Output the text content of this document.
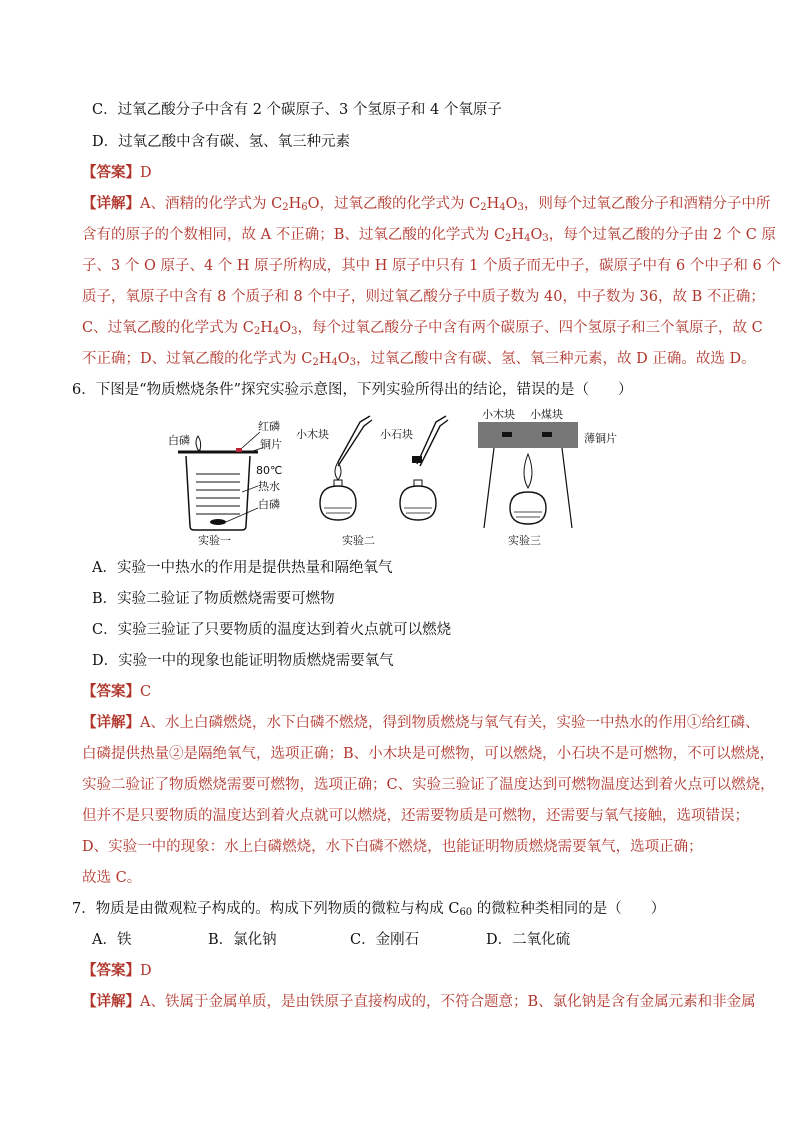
C．过氧乙酸分子中含有 2 个碳原子、3 个氢原子和 4 个氧原子
D．过氧乙酸中含有碳、氢、氧三种元素
【答案】D
【详解】A、酒精的化学式为 $C_2H_6O$，过氧乙酸的化学式为 $C_2H_4O_3$，则每个过氧乙酸分子和酒精分子中所
含有的原子的个数相同，故 A 不正确；B、过氧乙酸的化学式为 $C_2H_4O_3$，每个过氧乙酸的分子由 2 个 C 原
子、3 个 O 原子、4 个 H 原子所构成，其中 H 原子中只有 1 个质子而无中子，碳原子中有 6 个中子和 6 个
质子，氧原子中含有 8 个质子和 8 个中子，则过氧乙酸分子中质子数为 40，中子数为 36，故 B 不正确；
C、过氧乙酸的化学式为 $C_2H_4O_3$，每个过氧乙酸分子中含有两个碳原子、四个氢原子和三个氧原子，故 C
不正确；D、过氧乙酸的化学式为 $C_2H_4O_3$，过氧乙酸中含有碳、氢、氧三种元素，故 D 正确。故选 D。
6．下图是“物质燃烧条件”探究实验示意图，下列实验所得出的结论，错误的是（　　）
白磷
红磷
铜片
80℃
热水
白磷
实验一
小木块	小石块
实验二
小木块 小煤块
薄铜片
实验三
A．实验一中热水的作用是提供热量和隔绝氧气
B．实验二验证了物质燃烧需要可燃物
C．实验三验证了只要物质的温度达到着火点就可以燃烧
D．实验一中的现象也能证明物质燃烧需要氧气
【答案】C
【详解】A、水上白磷燃烧，水下白磷不燃烧，得到物质燃烧与氧气有关，实验一中热水的作用①给红磷、
白磷提供热量②是隔绝氧气，选项正确；B、小木块是可燃物，可以燃烧，小石块不是可燃物，不可以燃烧，
实验二验证了物质燃烧需要可燃物，选项正确；C、实验三验证了温度达到可燃物温度达到着火点可以燃烧，
但并不是只要物质的温度达到着火点就可以燃烧，还需要物质是可燃物，还需要与氧气接触，选项错误；
D、实验一中的现象：水上白磷燃烧，水下白磷不燃烧，也能证明物质燃烧需要氧气，选项正确；
故选 C。
7．物质是由微观粒子构成的。构成下列物质的微粒与构成 $C_{60}$ 的微粒种类相同的是（　　）
A．铁	B．氯化钠	C．金刚石	D．二氧化硫
【答案】D
【详解】A、铁属于金属单质，是由铁原子直接构成的，不符合题意；B、氯化钠是含有金属元素和非金属
